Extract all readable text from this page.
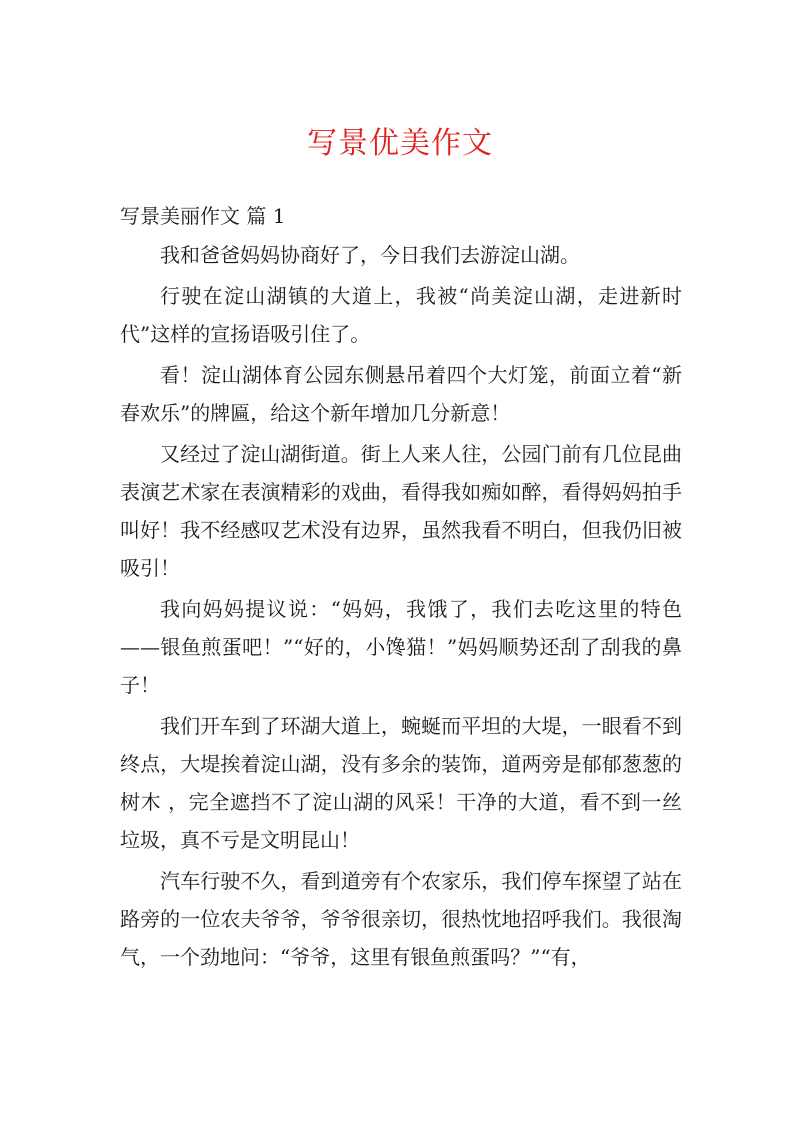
写景优美作文
写景美丽作文 篇 1

我和爸爸妈妈协商好了，今日我们去游淀山湖。

行驶在淀山湖镇的大道上，我被“尚美淀山湖，走进新时代”这样的宣扬语吸引住了。

看！淀山湖体育公园东侧悬吊着四个大灯笼，前面立着“新春欢乐”的牌匾，给这个新年增加几分新意！

又经过了淀山湖街道。街上人来人往，公园门前有几位昆曲表演艺术家在表演精彩的戏曲，看得我如痴如醉，看得妈妈拍手叫好！我不经感叹艺术没有边界，虽然我看不明白，但我仍旧被吸引！

我向妈妈提议说：“妈妈，我饿了，我们去吃这里的特色——银鱼煎蛋吧！”“好的，小馋猫！”妈妈顺势还刮了刮我的鼻子！

我们开车到了环湖大道上，蜿蜒而平坦的大堤，一眼看不到终点，大堤挨着淀山湖，没有多余的装饰，道两旁是郁郁葱葱的树木 ，完全遮挡不了淀山湖的风采！干净的大道，看不到一丝垃圾，真不亏是文明昆山！

汽车行驶不久，看到道旁有个农家乐，我们停车探望了站在路旁的一位农夫爷爷，爷爷很亲切，很热忱地招呼我们。我很淘气，一个劲地问：“爷爷，这里有银鱼煎蛋吗？”“有，
